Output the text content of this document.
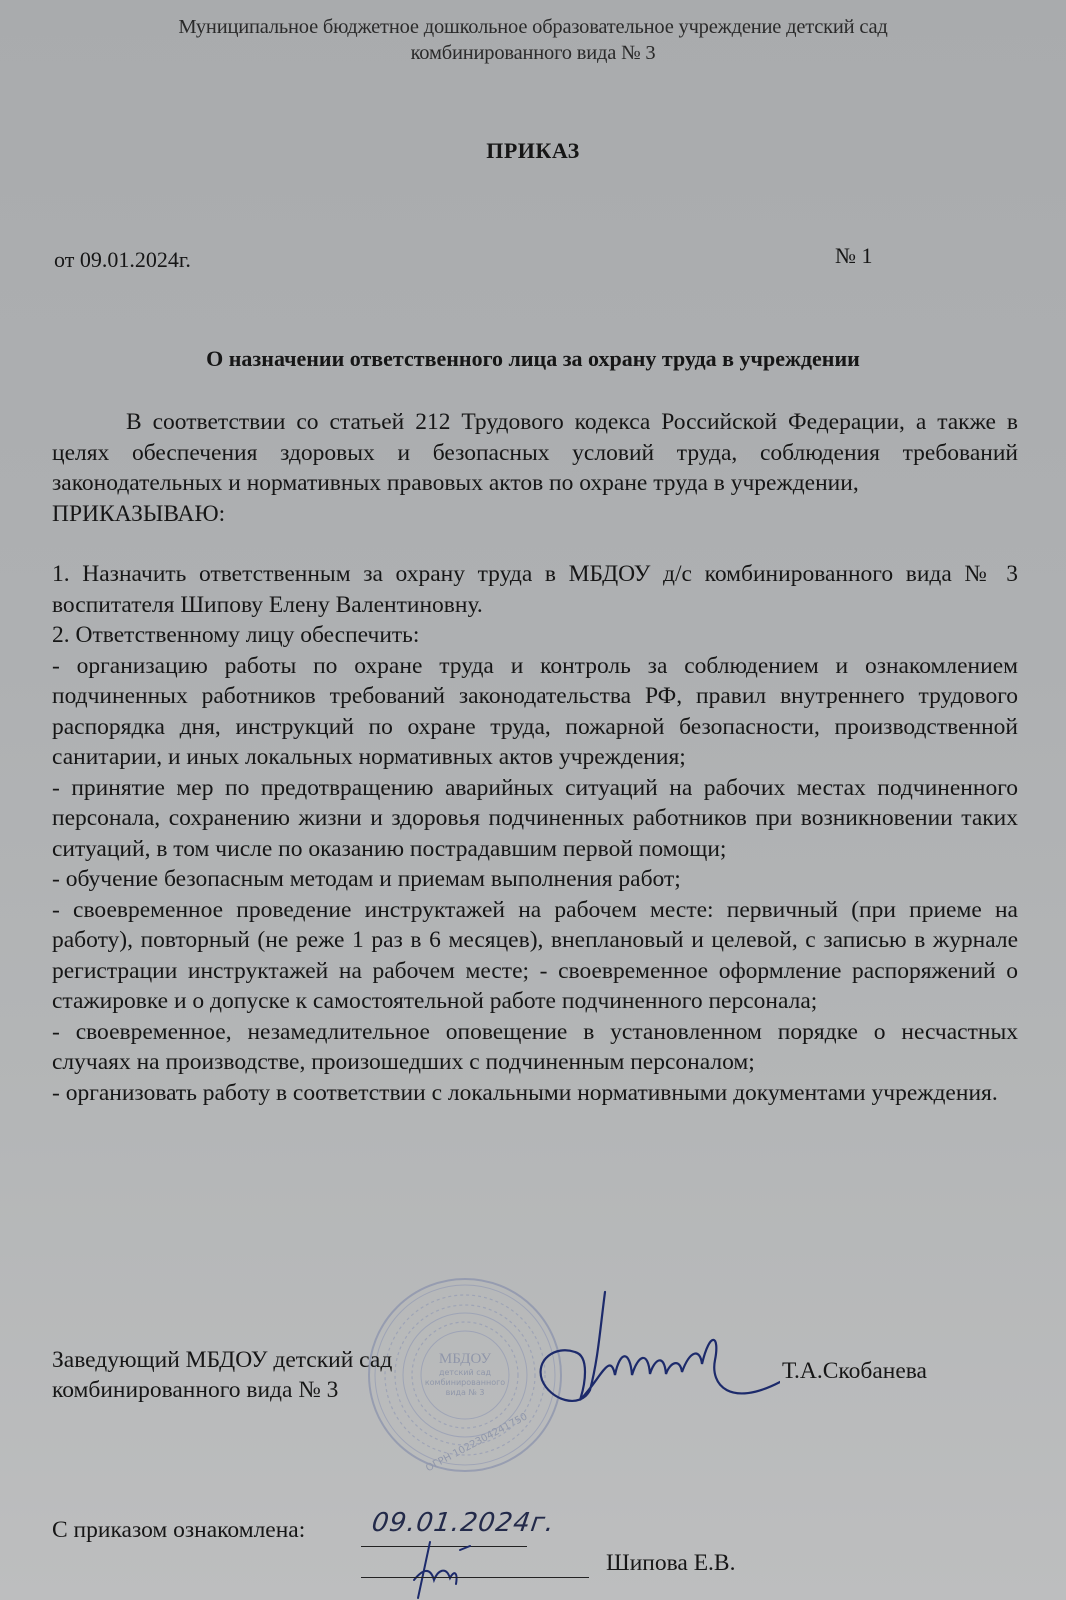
Муниципальное бюджетное дошкольное образовательное учреждение детский сад
комбинированного вида № 3
ПРИКАЗ
от 09.01.2024г.	№ 1
О назначении ответственного лица за охрану труда в учреждении

В соответствии со статьей 212 Трудового кодекса Российской Федерации, а также в целях обеспечения здоровых и безопасных условий труда, соблюдения требований законодательных и нормативных правовых актов по охране труда в учреждении,

ПРИКАЗЫВАЮ:

1. Назначить ответственным за охрану труда в МБДОУ д/с комбинированного вида № 3 воспитателя Шипову Елену Валентиновну.

2. Ответственному лицу обеспечить:

- организацию работы по охране труда и контроль за соблюдением и ознакомлением подчиненных работников требований законодательства РФ, правил внутреннего трудового распорядка дня, инструкций по охране труда, пожарной безопасности, производственной санитарии, и иных локальных нормативных актов учреждения;

- принятие мер по предотвращению аварийных ситуаций на рабочих местах подчиненного персонала, сохранению жизни и здоровья подчиненных работников при возникновении таких ситуаций, в том числе по оказанию пострадавшим первой помощи;

- обучение безопасным методам и приемам выполнения работ;

- своевременное проведение инструктажей на рабочем месте: первичный (при приеме на работу), повторный (не реже 1 раз в 6 месяцев), внеплановый и целевой, с записью в журнале регистрации инструктажей на рабочем месте; - своевременное оформление распоряжений о стажировке и о допуске к самостоятельной работе подчиненного персонала;

- своевременное, незамедлительное оповещение в установленном порядке о несчастных случаях на производстве, произошедших с подчиненным персоналом;

- организовать работу в соответствии с локальными нормативными документами учреждения.

МБДОУ
детский сад
комбинированного
вида № 3
ОГРН 1022304241750
Заведующий МБДОУ детский сад
комбинированного вида № 3
Т.А.Скобанева
С приказом ознакомлена: 09.01.2024г.
Шипова Е.В.
